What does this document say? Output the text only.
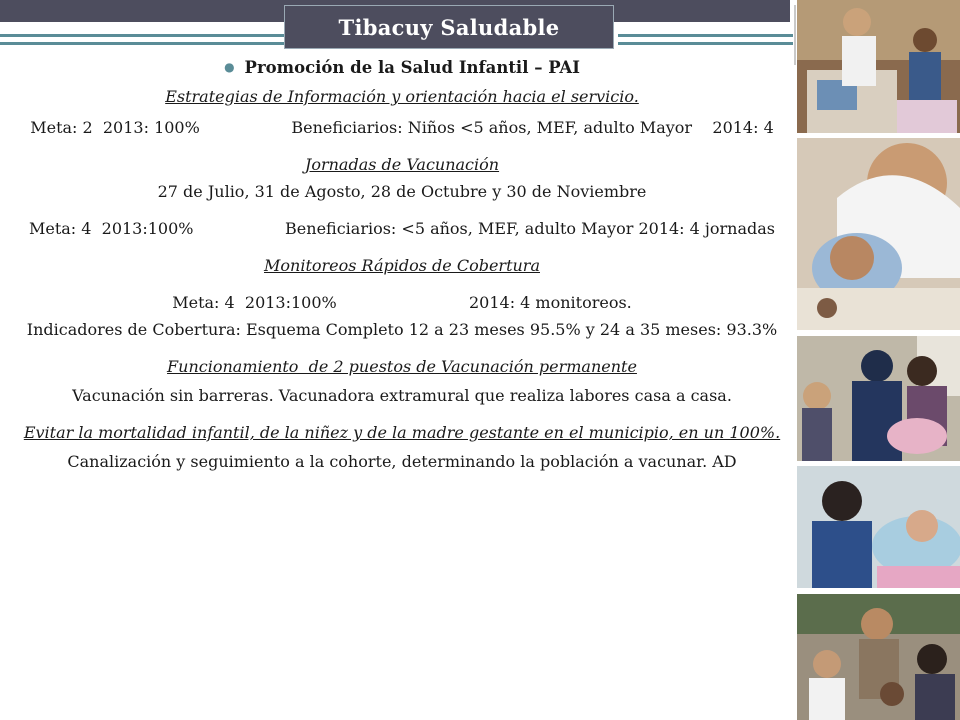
Tibacuy Saludable

● Promoción de la Salud Infantil – PAI

Estrategias de Información y orientación hacia el servicio.

Meta: 2  2013: 100%                  Beneficiarios: Niños <5 años, MEF, adulto Mayor    2014: 4

Jornadas de Vacunación

27 de Julio, 31 de Agosto, 28 de Octubre y 30 de Noviembre

Meta: 4  2013:100%                  Beneficiarios: <5 años, MEF, adulto Mayor 2014: 4 jornadas

Monitoreos Rápidos de Cobertura

Meta: 4  2013:100%                          2014: 4 monitoreos.

Indicadores de Cobertura: Esquema Completo 12 a 23 meses 95.5% y 24 a 35 meses: 93.3%

Funcionamiento  de 2 puestos de Vacunación permanente

Vacunación sin barreras. Vacunadora extramural que realiza labores casa a casa.

Evitar la mortalidad infantil, de la niñez y de la madre gestante en el municipio, en un 100%.

Canalización y seguimiento a la cohorte, determinando la población a vacunar. AD
